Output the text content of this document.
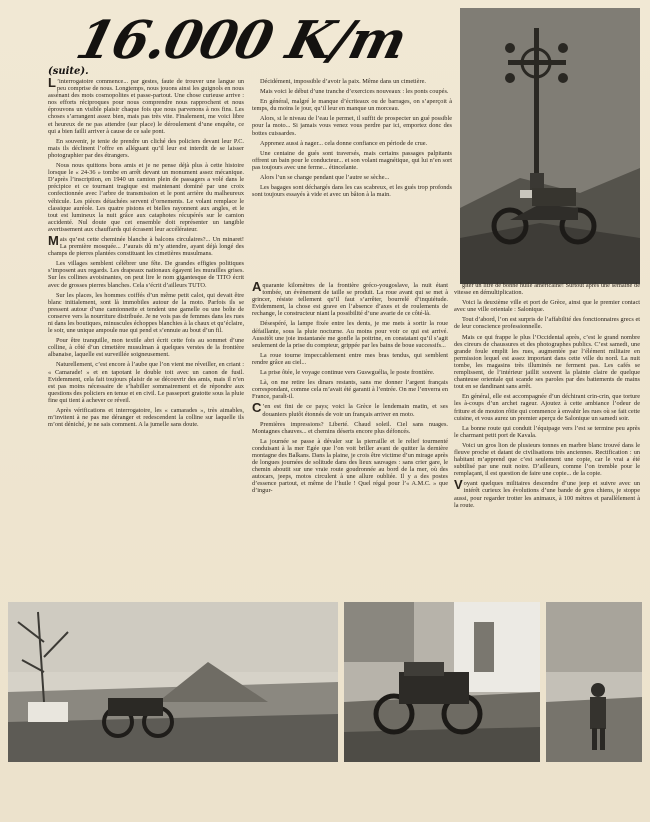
16.000 K/m
(suite).

L ’interrogatoire commence... par gestes, faute de trouver une langue un peu comprise de nous. Longtemps, nous jouons ainsi les guignols en nous assénant des mots cosmopolites et passe-partout. Une chose curieuse arrive : nos efforts réciproques pour nous comprendre nous rapprochent et nous éprouvons un visible plaisir chaque fois que nous parvenons à nos fins. Les choses s’arrangent assez bien, mais pas très vite. Finalement, me voici libre et heureux de ne pas attendre (sur place) le déroulement d’une enquête, ce qui a bien failli arriver à cause de ce sale pont.

En souvenir, je tenie de prendre un cliché des policiers devant leur P.C. mais ils déclinent l’offre en alléguant qu’il leur est interdit de se laisser photographier par des étrangers.

Nous nous quittons bons amis et je ne pense déjà plus à cette histoire lorsque le « 24-36 » tombe en arrêt devant un monument assez mécanique. D’après l’inscription, en 1940 un camion plein de passagers a volé dans le précipice et ce tournant tragique est maintenant dominé par une croix confectionnée avec l’arbre de transmission et le pont arrière du malheureux véhicule. Les pièces détachées servent d’ornements. Le volant remplace le classique auréole. Les quatre pistons et bielles rayonnent aux angles, et le tout est lumineux la nuit grâce aux cataphotes récupérés sur le camion accidenté. Nul doute que cet ensemble doit représenter un tangible avertissement aux chauffards qui écrasent leur accélérateur.

Mais qu’est cette cheminée blanche à balcons circulaires?... Un minaret! La première mosquée... J’aurais dû m’y attendre, ayant déjà longé des champs de pierres plantées constituant les cimetières musulmans.

Les villages semblent célébrer une fête. De grandes effigies politiques s’imposent aux regards. Les drapeaux nationaux égayent les murailles grises. Sur les collines avoisinantes, on peut lire le nom gigantesque de TITO écrit avec de grosses pierres blanches. Cela s’écrit d’ailleurs TUTO.

Sur les places, les hommes coiffés d’un même petit calot, qui devait être blanc initialement, sont là immobiles autour de la moto. Parfois ils se pressent autour d’une camionnette et tendent une gamelle ou une boîte de conserve vers la nourriture distribuée. Je ne vois pas de femmes dans les rues ni dans les boutiques, minuscules échoppes blanchies à la chaux et qu’éclaire, le soir, une unique ampoule nue qui pend et s’ennuie au bout d’un fil.

Pour être tranquille, mon textile abri écrit cette fois au sommet d’une colline, à côté d’un cimetière musulman à quelques verstes de la frontière albanaise, laquelle est surveillée soigneusement.

Naturellement, c’est encore à l’aube que l’on vient me réveiller, en criant : « Camarade! » et en tapotant le double toit avec un canon de fusil. Evidemment, cela fait toujours plaisir de se découvrir des amis, mais il n’en est pas moins nécessaire de s’habiller sommairement et de répondre aux questions des policiers en tenue et en civil. Le passeport gratotte sous la pluie fine qui tient à achever ce réveil.

Après vérifications et interrogatoire, les « camarades », très aimables, m’invitent à ne pas me déranger et redescendent la colline sur laquelle ils m’ont déniché, je ne sais comment. A la jumelle sans doute.

Décidément, impossible d’avoir la paix. Même dans un cimetière.

Mais voici le début d’une tranche d’exercices nouveaux : les ponts coupés.

En général, malgré le manque d’écriteaux ou de barrages, on s’aperçoit à temps, du moins le jour, qu’il leur en manque un morceau.

Alors, si le niveau de l’eau le permet, il suffit de prospecter un gué possible pour la moto... Si jamais vous venez vous perdre par ici, emportez donc des bottes cuissardes.

Apprenez aussi à nager... cela donne confiance en période de crue.

Une centaine de gués sont traversés, mais certains passages palpitants offrent un bain pour le conducteur... et son volant magnétique, qui lui n’en sort pas toujours avec une ferme... étincelante.

Alors l’un se change pendant que l’autre se sèche...

Les bagages sont déchargés dans les cas scabreux, et les gués trop profonds sont toujours essayés à vide et avec un bâton à la main.

A quarante kilomètres de la frontière gréco-yougoslave, la nuit étant tombée, un évènement de taille se produit. La roue avant qui se met à grincer, résiste tellement qu’il faut s’arrêter, bourrelé d’inquiétude. Evidemment, la chose est grave en l’absence d’axes et de roulements de rechange, le constructeur niant la possibilité d’une avarie de ce côté-là.

Désespéré, la lampe fixée entre les dents, je me mets à sortir la roue défaillante, sous la pluie nocturne. Au moins pour voir ce qui est arrivé. Aussitôt une joie instantanée me gonfle la poitrine, en constatant qu’il s’agit seulement de la prise du compteur, grippée par les bains de boue successifs...

La roue tourne impeccablement entre mes bras tendus, qui semblent rendre grâce au ciel...

La prise ôtée, le voyage continue vers Guswguélia, le poste frontière.

Là, on me retire les dinars restants, sans me donner l’argent français correspondant, comme cela m’avait été garanti à l’entrée. On me l’enverra en France, paraît-il.

C ’en est fini de ce pays; voici la Grèce le lendemain matin, et ses douaniers plutôt étonnés de voir un français arriver en moto.

Premières impressions? Liberté. Chaud soleil. Ciel sans nuages. Montagnes chauves... et chemins déserts encore plus défoncés.

La journée se passe à dévaler sur la pierraille et le relief tourmenté conduisant à la mer Egée que l’on voit briller avant de quitter la dernière montagne des Balkans. Dans la plaine, je crois être victime d’un mirage après de longues journées de solitude dans des lieux sauvages : sans crier gare, le chemin aboutit sur une vraie route goudronnée au bord de la mer, où des autocars, jeeps, motos circulent à une allure oubliée. Il y a des postes d’essence partout, et même de l’huile ! Quel régal pour l’« A.M.C. » que d’ingur-

giter un litre de bonne huile américaine! Surtout après une semaine de vitesse en démultiplication.

Voici la deuxième ville et port de Grèce, ainsi que le premier contact avec une ville orientale : Salonique.

Tout d’abord, l’on est surpris de l’affabilité des fonctionnaires grecs et de leur conscience professionnelle.

Mais ce qui frappe le plus l’Occidental après, c’est le grand nombre des cireurs de chaussures et des photographes publics. C’est samedi, une grande foule emplit les rues, augmentée par l’élément militaire en permission lequel est assez important dans cette ville du nord. La nuit tombe, les magasins très illuminés ne ferment pas. Les cafés se remplissent, de l’intérieur jaillit souvent la plainte claire de quelque chanteuse orientale qui scande ses paroles par des battements de mains tout en se dandinant sans arrêt.

En général, elle est accompagnée d’un déchirant crin-crin, que torture les à-coups d’un archet rageur. Ajoutez à cette ambiance l’odeur de friture et de mouton rôtie qui commence à envahir les rues où se fait cette cuisine, et vous aurez un premier aperçu de Salonique un samedi soir.

La bonne route qui conduit l’équipage vers l’est se termine peu après le charmant petit port de Kavala.

Voici un gros lion de plusieurs tonnes en marbre blanc trouvé dans le fleuve proche et datant de civilisations très anciennes. Rectification : un habitant m’apprend que c’est seulement une copie, car le vrai a été subtilisé par une nuit noire. D’ailleurs, comme l’on tremble pour le remplaçant, il est question de faire une copie... de la copie.

Voyant quelques militaires descendre d’une jeep et suivre avec un intérêt curieux les évolutions d’une bande de gros chiens, je stoppe aussi, pour regarder trotter les animaux, à 100 mètres et parallèlement à la route.
